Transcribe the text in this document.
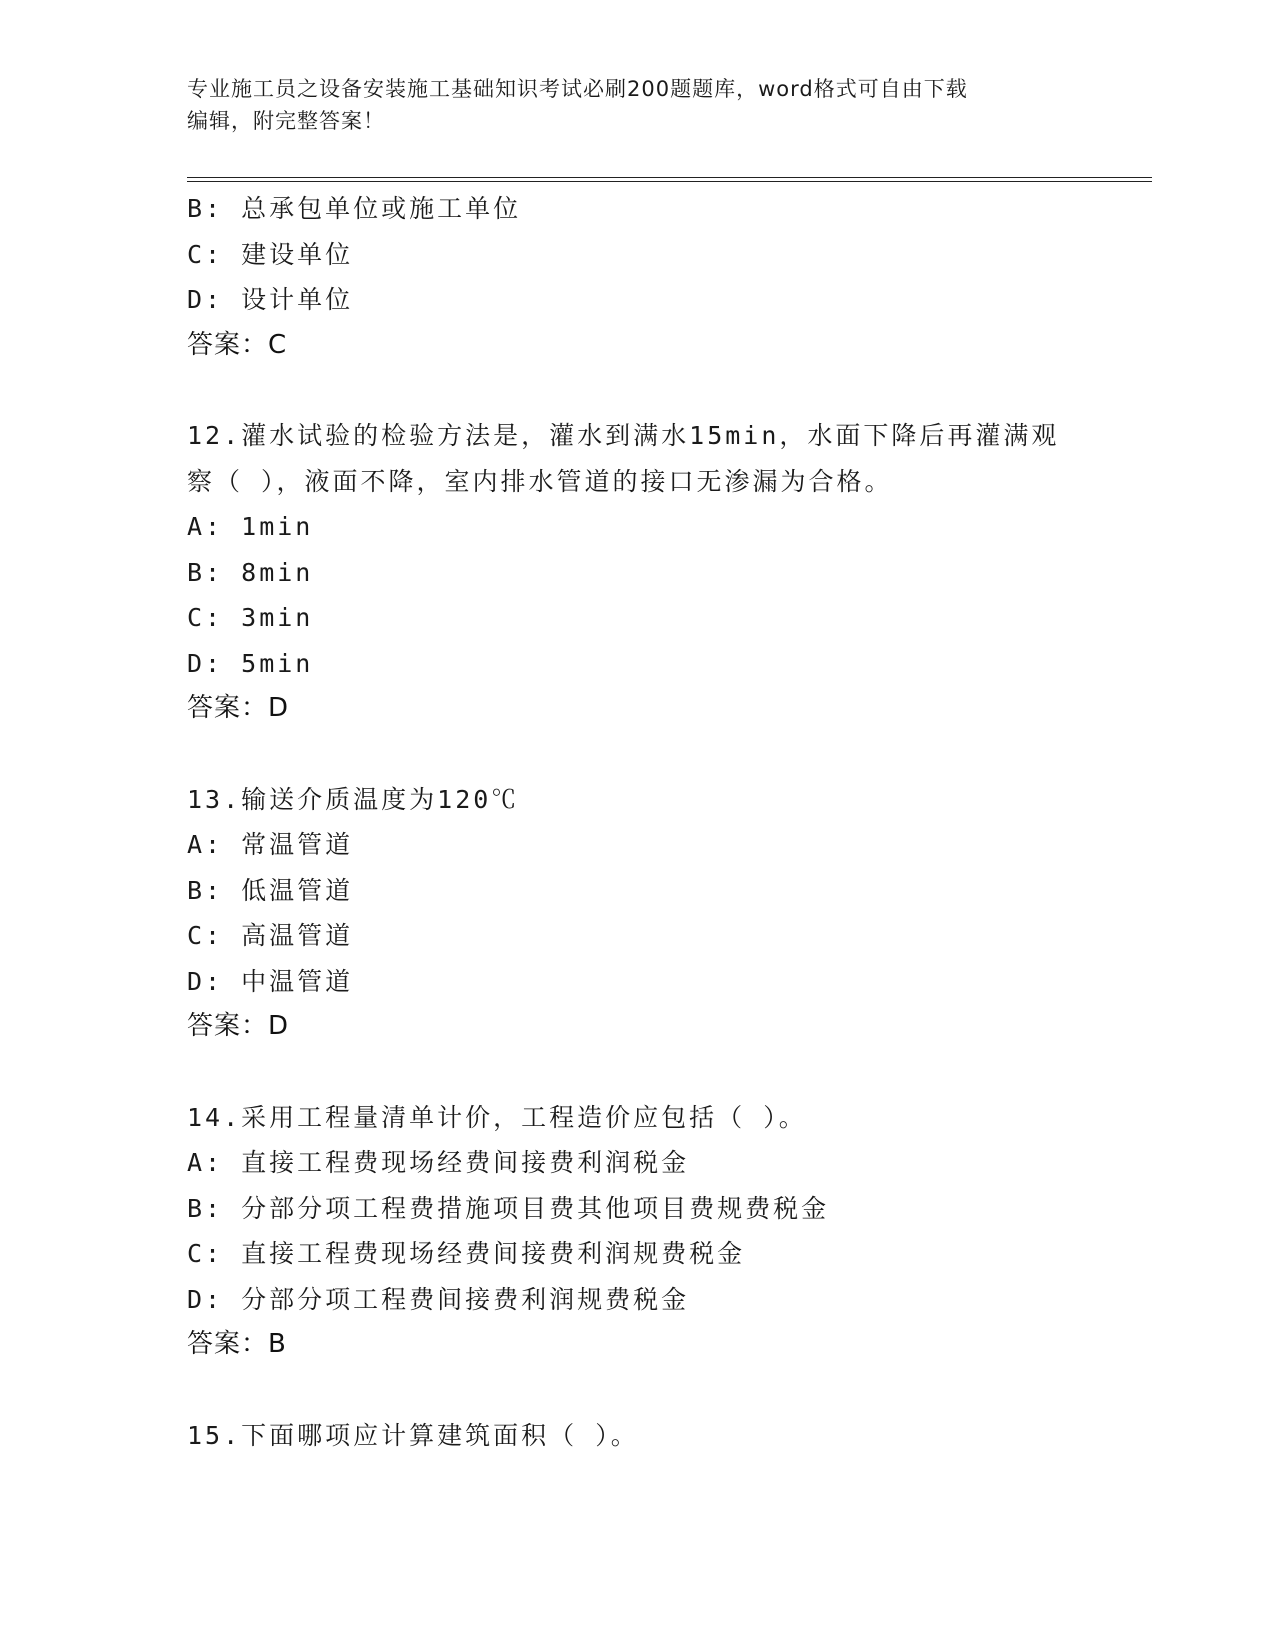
专业施工员之设备安装施工基础知识考试必刷200题题库，word格式可自由下载
编辑，附完整答案！
B: 总承包单位或施工单位
C: 建设单位
D: 设计单位
答案：C
12.灌水试验的检验方法是，灌水到满水15min，水面下降后再灌满观
察（ ），液面不降，室内排水管道的接口无渗漏为合格。
A: 1min
B: 8min
C: 3min
D: 5min
答案：D
13.输送介质温度为120℃
A: 常温管道
B: 低温管道
C: 高温管道
D: 中温管道
答案：D
14.采用工程量清单计价，工程造价应包括（ ）。
A: 直接工程费现场经费间接费利润税金
B: 分部分项工程费措施项目费其他项目费规费税金
C: 直接工程费现场经费间接费利润规费税金
D: 分部分项工程费间接费利润规费税金
答案：B
15.下面哪项应计算建筑面积（ ）。
